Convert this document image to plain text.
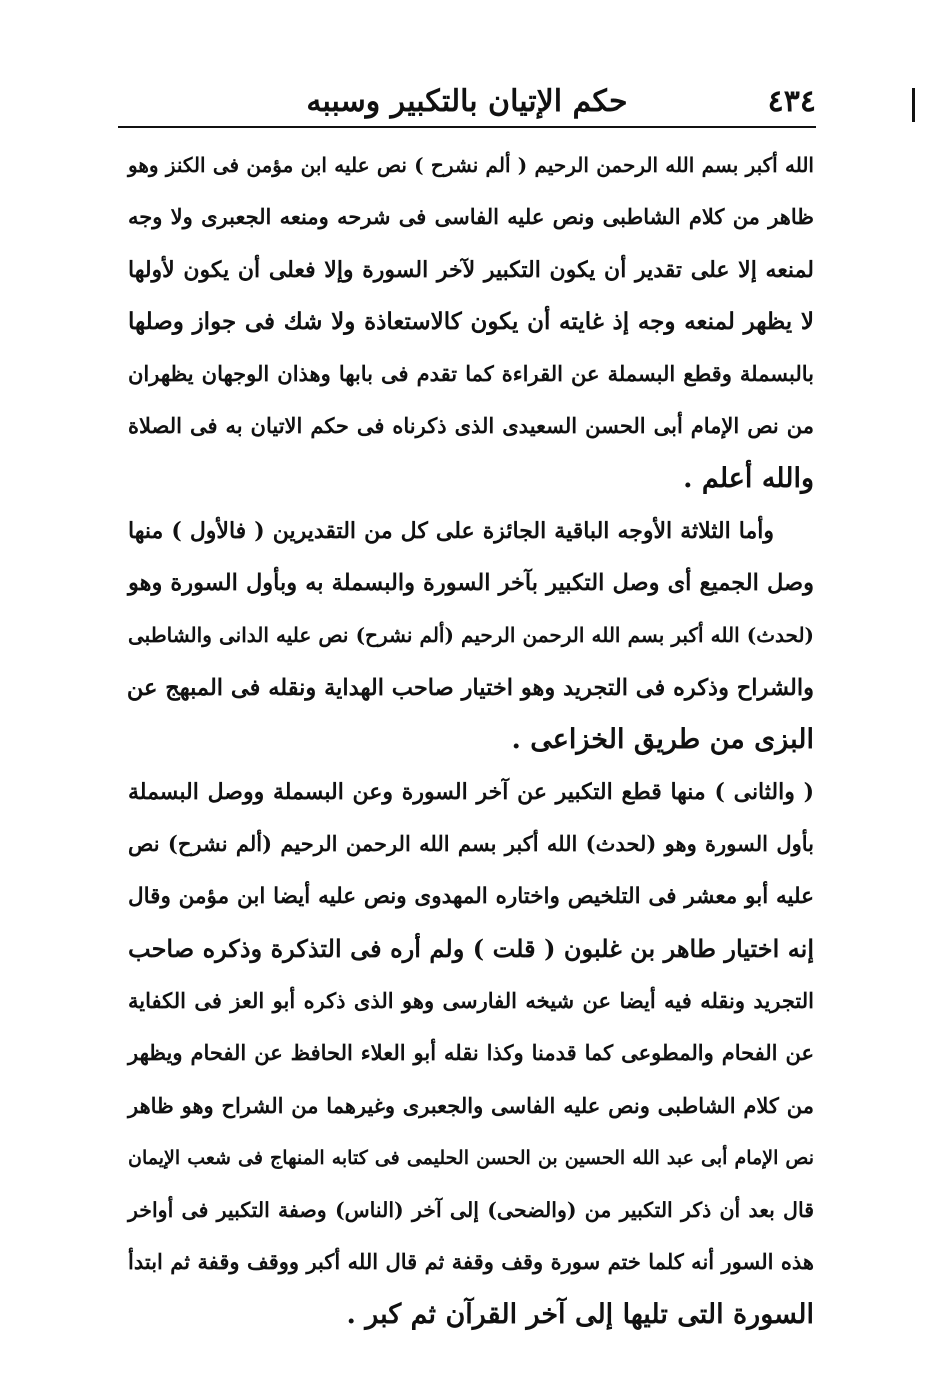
٤٣٤
حكم الإتيان بالتكبير وسببه
الله أكبر بسم الله الرحمن الرحيم ( ألم نشرح ) نص عليه ابن مؤمن فى الكنز وهو
ظاهر من كلام الشاطبى ونص عليه الفاسى فى شرحه ومنعه الجعبرى ولا وجه
لمنعه إلا على تقدير أن يكون التكبير لآخر السورة وإلا فعلى أن يكون لأولها
لا يظهر لمنعه وجه إذ غايته أن يكون كالاستعاذة ولا شك فى جواز وصلها
بالبسملة وقطع البسملة عن القراءة كما تقدم فى بابها وهذان الوجهان يظهران
من نص الإمام أبى الحسن السعيدى الذى ذكرناه فى حكم الاتيان به فى الصلاة
والله أعلم .
وأما الثلاثة الأوجه الباقية الجائزة على كل من التقديرين ( فالأول ) منها
وصل الجميع أى وصل التكبير بآخر السورة والبسملة به وبأول السورة وهو
(لحدث) الله أكبر بسم الله الرحمن الرحيم (ألم نشرح) نص عليه الدانى والشاطبى
والشراح وذكره فى التجريد وهو اختيار صاحب الهداية ونقله فى المبهج عن
البزى من طريق الخزاعى .
( والثانى ) منها قطع التكبير عن آخر السورة وعن البسملة ووصل البسملة
بأول السورة وهو (لحدث) الله أكبر بسم الله الرحمن الرحيم (ألم نشرح) نص
عليه أبو معشر فى التلخيص واختاره المهدوى ونص عليه أيضا ابن مؤمن وقال
إنه اختيار طاهر بن غلبون ( قلت ) ولم أره فى التذكرة وذكره صاحب
التجريد ونقله فيه أيضا عن شيخه الفارسى وهو الذى ذكره أبو العز فى الكفاية
عن الفحام والمطوعى كما قدمنا وكذا نقله أبو العلاء الحافظ عن الفحام ويظهر
من كلام الشاطبى ونص عليه الفاسى والجعبرى وغيرهما من الشراح وهو ظاهر
نص الإمام أبى عبد الله الحسين بن الحسن الحليمى فى كتابه المنهاج فى شعب الإيمان
قال بعد أن ذكر التكبير من (والضحى) إلى آخر (الناس) وصفة التكبير فى أواخر
هذه السور أنه كلما ختم سورة وقف وقفة ثم قال الله أكبر ووقف وقفة ثم ابتدأ
السورة التى تليها إلى آخر القرآن ثم كبر .
